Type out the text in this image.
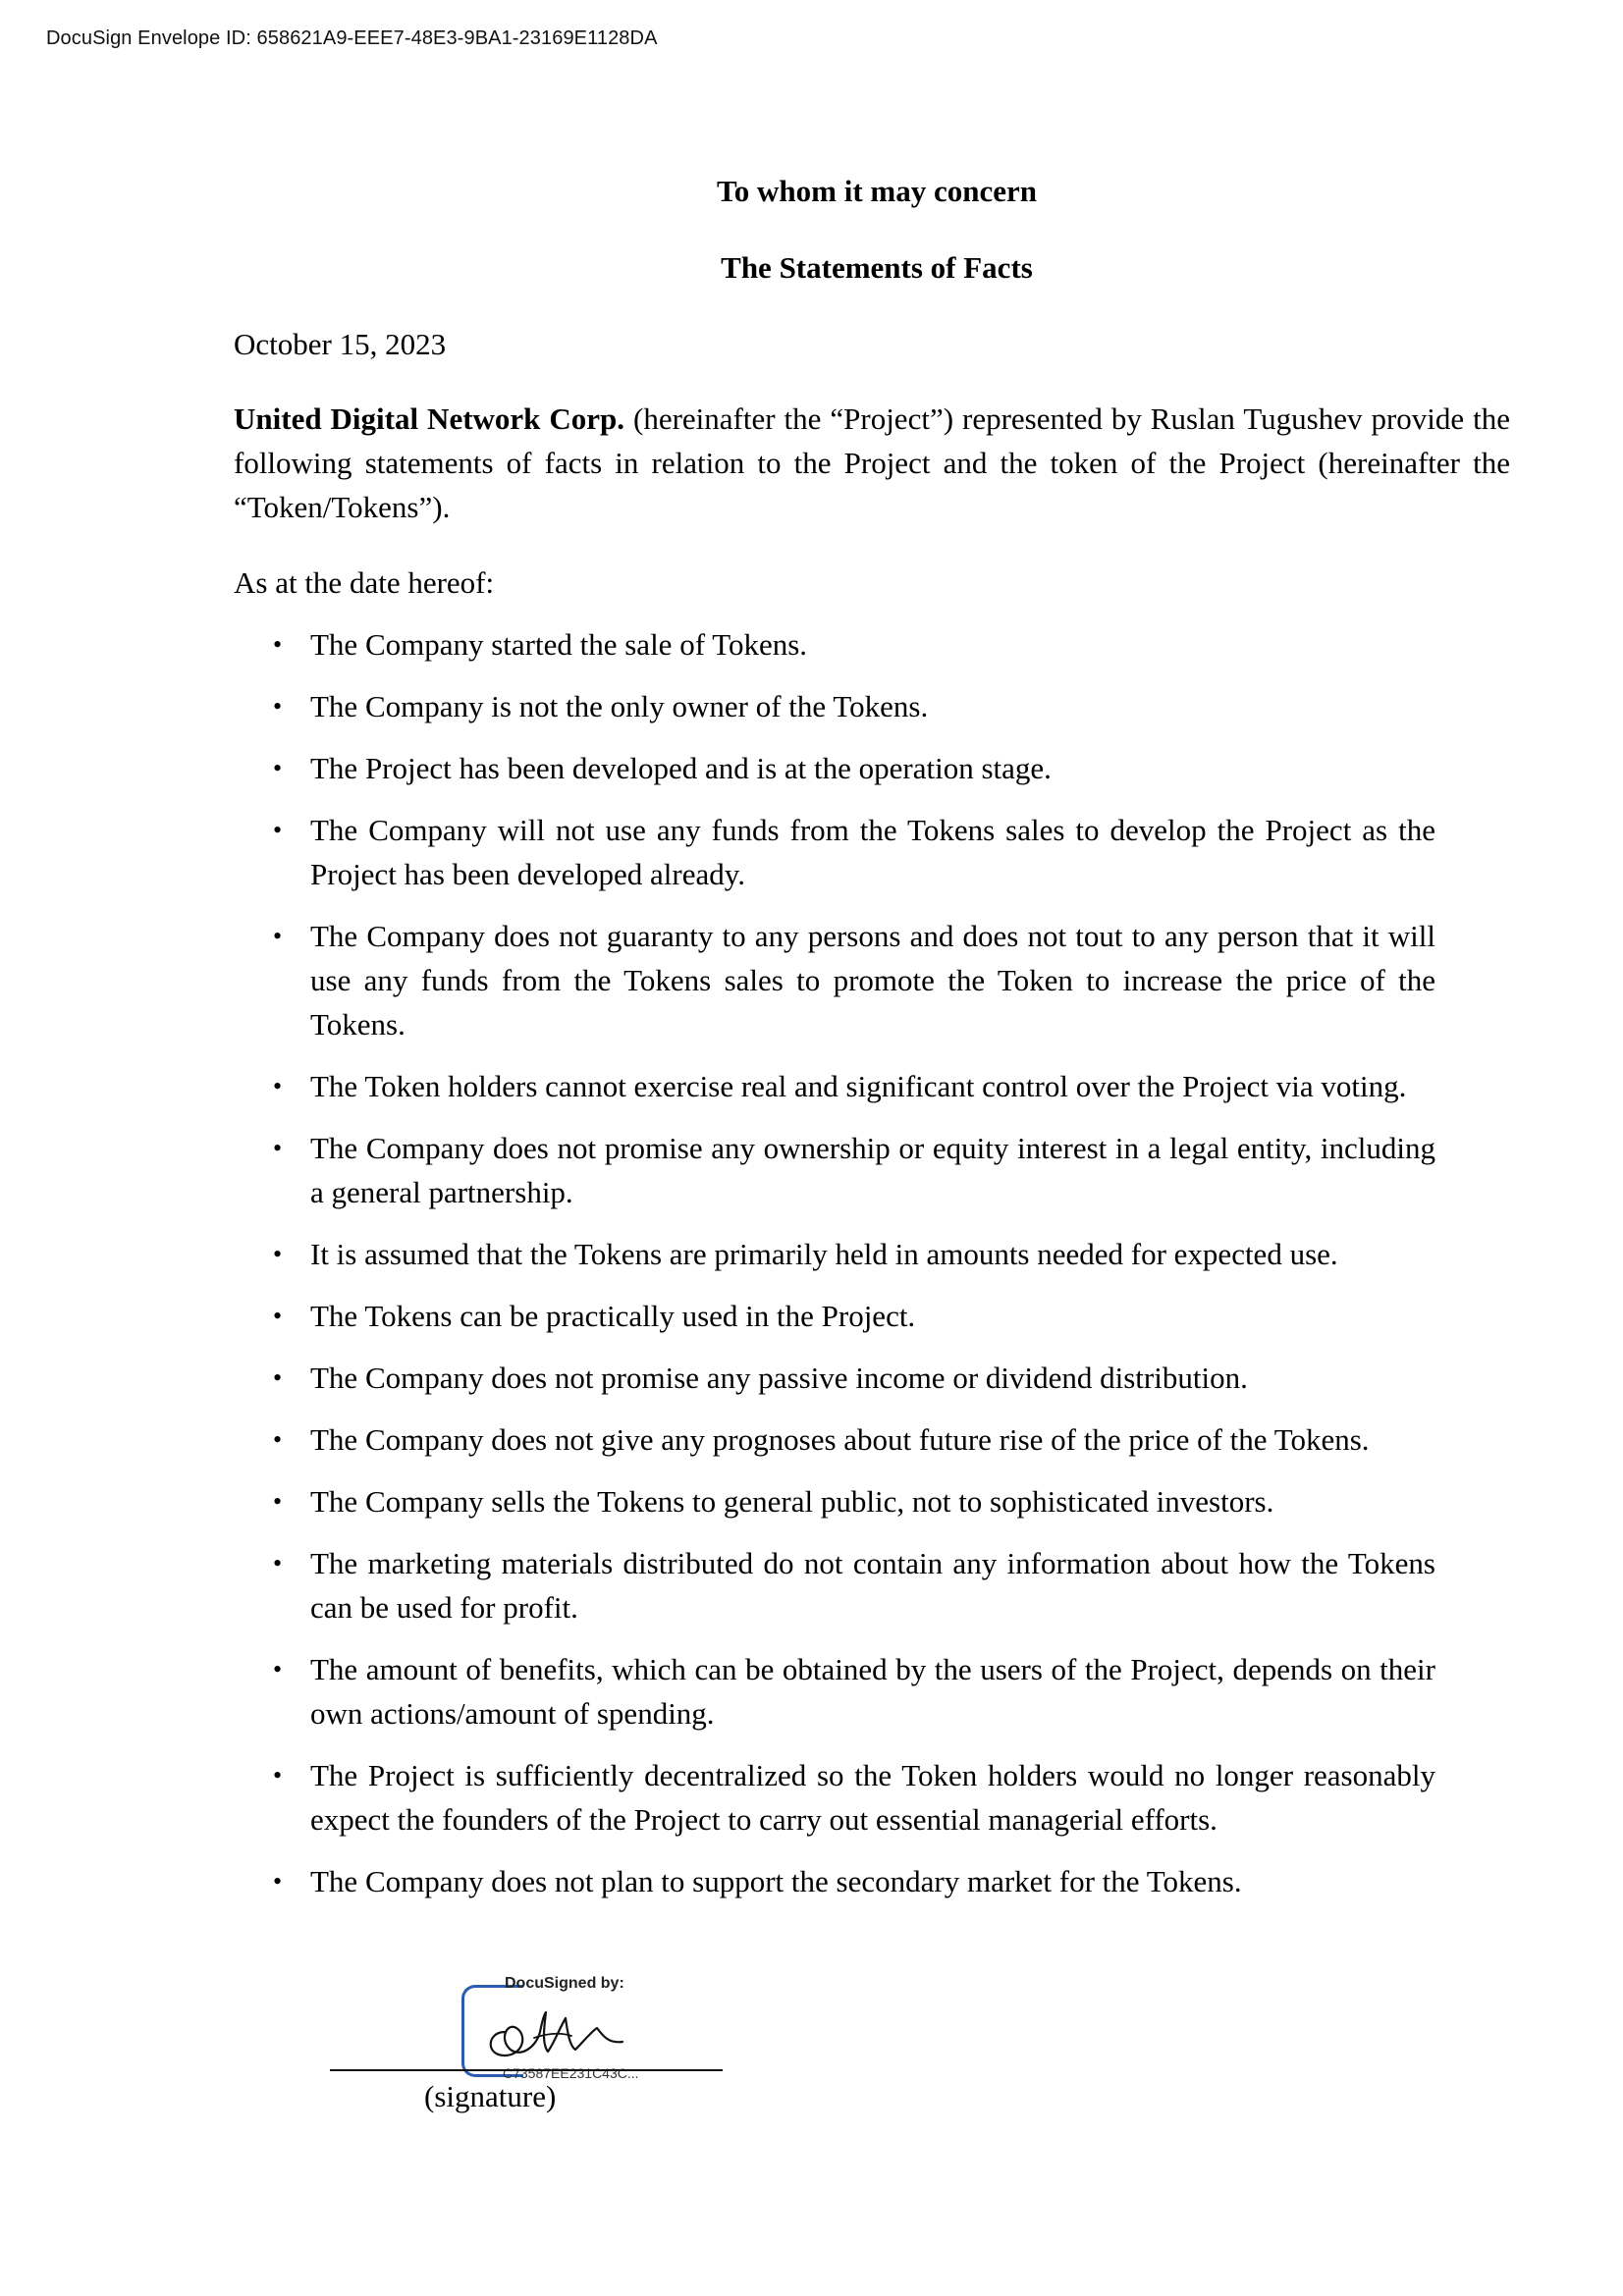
DocuSign Envelope ID: 658621A9-EEE7-48E3-9BA1-23169E1128DA
To whom it may concern
The Statements of Facts
October 15, 2023
United Digital Network Corp. (hereinafter the “Project”) represented by Ruslan Tugushev provide the following statements of facts in relation to the Project and the token of the Project (hereinafter the “Token/Tokens”).
As at the date hereof:
• The Company started the sale of Tokens.
• The Company is not the only owner of the Tokens.
• The Project has been developed and is at the operation stage.
• The Company will not use any funds from the Tokens sales to develop the Project as the Project has been developed already.
• The Company does not guaranty to any persons and does not tout to any person that it will use any funds from the Tokens sales to promote the Token to increase the price of the Tokens.
• The Token holders cannot exercise real and significant control over the Project via voting.
• The Company does not promise any ownership or equity interest in a legal entity, including a general partnership.
• It is assumed that the Tokens are primarily held in amounts needed for expected use.
• The Tokens can be practically used in the Project.
• The Company does not promise any passive income or dividend distribution.
• The Company does not give any prognoses about future rise of the price of the Tokens.
• The Company sells the Tokens to general public, not to sophisticated investors.
• The marketing materials distributed do not contain any information about how the Tokens can be used for profit.
• The amount of benefits, which can be obtained by the users of the Project, depends on their own actions/amount of spending.
• The Project is sufficiently decentralized so the Token holders would no longer reasonably expect the founders of the Project to carry out essential managerial efforts.
• The Company does not plan to support the secondary market for the Tokens.
DocuSigned by:
C73587EE231C43C...
(signature)
